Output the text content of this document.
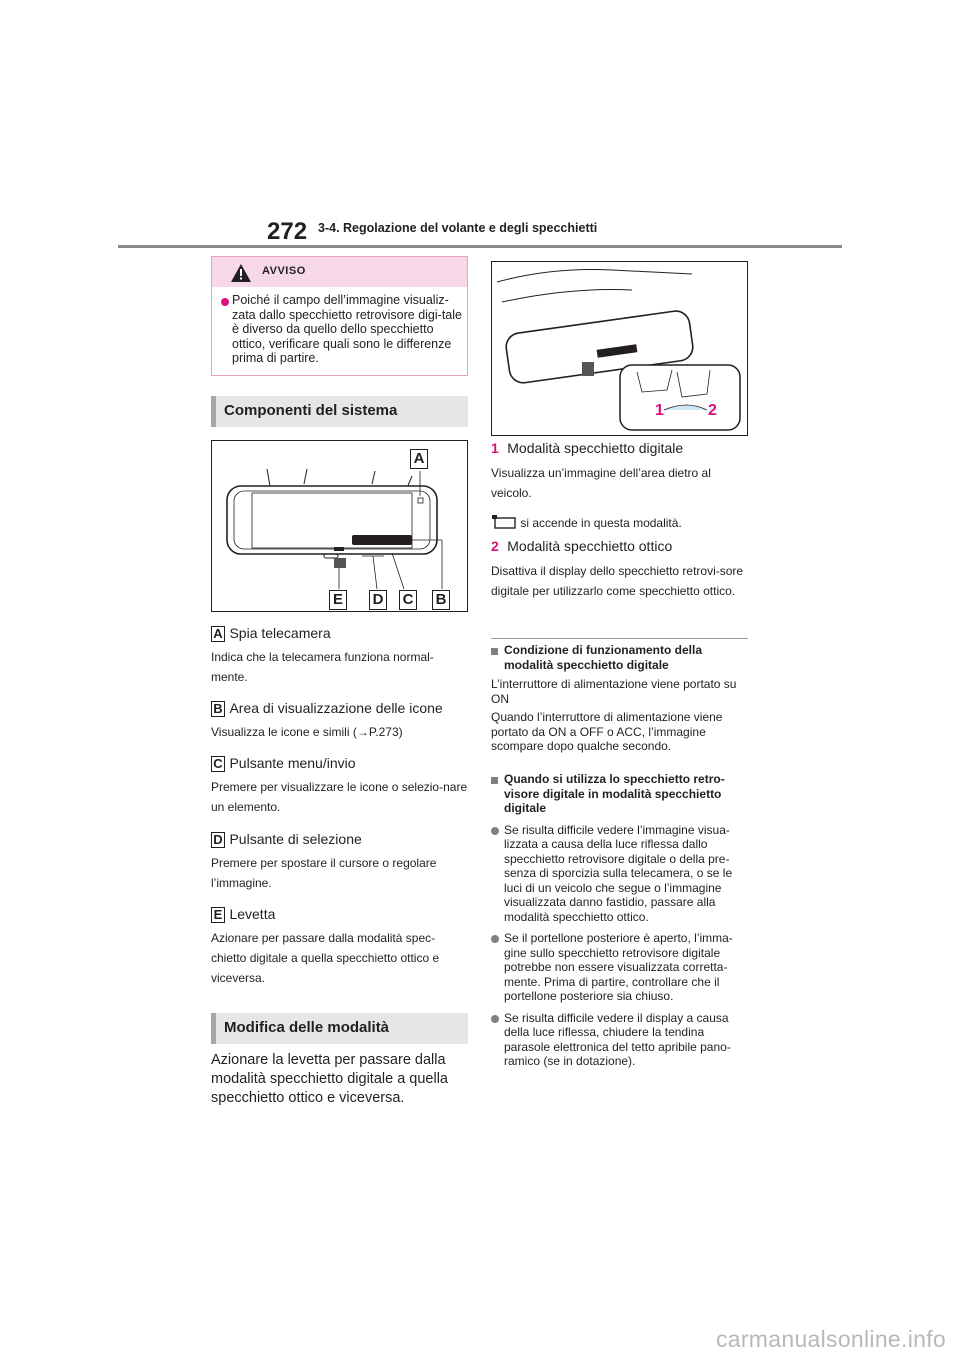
272 3-4. Regolazione del volante e degli specchietti
AVVISO
Poiché il campo dell’immagine visualiz-zata dallo specchietto retrovisore digi-tale è diverso da quello dello specchietto ottico, verificare quali sono le differenze prima di partire.
Componenti del sistema
A
E D C B
A Spia telecamera
Indica che la telecamera funziona normal-mente.
B Area di visualizzazione delle icone
Visualizza le icone e simili (→P.273)
C Pulsante menu/invio
Premere per visualizzare le icone o selezio-nare un elemento.
D Pulsante di selezione
Premere per spostare il cursore o regolare l’immagine.
E Levetta
Azionare per passare dalla modalità spec-chietto digitale a quella specchietto ottico e viceversa.
Modifica delle modalità
Azionare la levetta per passare dalla modalità specchietto digitale a quella specchietto ottico e viceversa.
1	2
1 Modalità specchietto digitale
Visualizza un’immagine dell’area dietro al veicolo.
si accende in questa modalità.
2 Modalità specchietto ottico
Disattiva il display dello specchietto retrovi-sore digitale per utilizzarlo come specchietto ottico.
Condizione di funzionamento della modalità specchietto digitale
L’interruttore di alimentazione viene portato su ON
Quando l’interruttore di alimentazione viene portato da ON a OFF o ACC, l’immagine scompare dopo qualche secondo.
Quando si utilizza lo specchietto retro-visore digitale in modalità specchietto digitale
Se risulta difficile vedere l’immagine visua-lizzata a causa della luce riflessa dallo specchietto retrovisore digitale o della pre-senza di sporcizia sulla telecamera, o se le luci di un veicolo che segue o l’immagine visualizzata danno fastidio, passare alla modalità specchietto ottico.
Se il portellone posteriore è aperto, l’imma-gine sullo specchietto retrovisore digitale potrebbe non essere visualizzata corretta-mente. Prima di partire, controllare che il portellone posteriore sia chiuso.
Se risulta difficile vedere il display a causa della luce riflessa, chiudere la tendina parasole elettronica del tetto apribile pano-ramico (se in dotazione).
carmanualsonline.info
